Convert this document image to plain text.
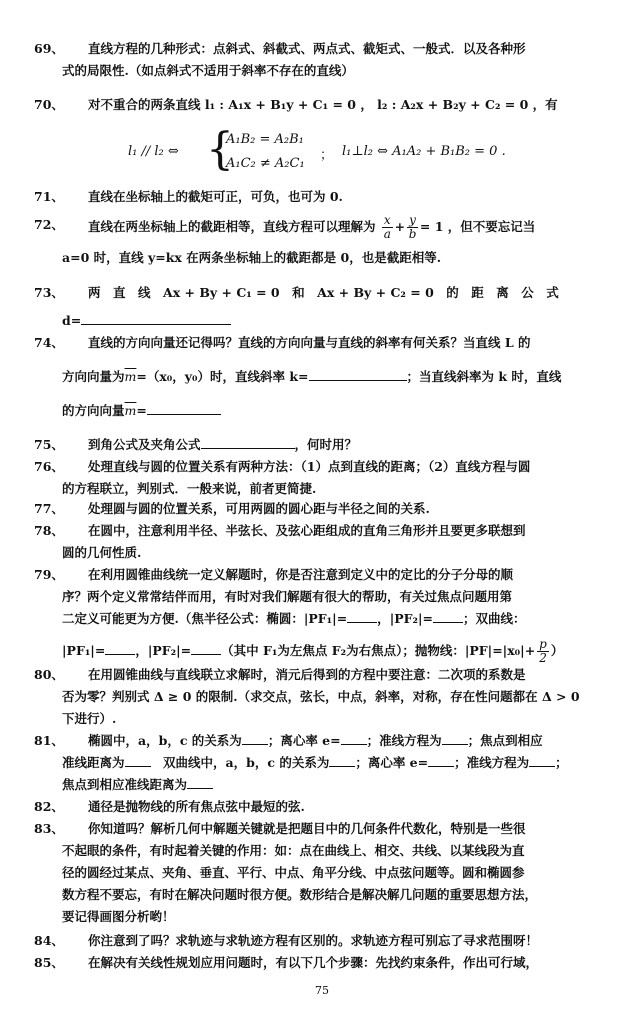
69、	直线方程的几种形式：点斜式、斜截式、两点式、截矩式、一般式．以及各种形
式的局限性.（如点斜式不适用于斜率不存在的直线）
70、	对不重合的两条直线 l₁ : A₁x + B₁y + C₁ = 0 ， l₂ : A₂x + B₂y + C₂ = 0 ，有
l₁ // l₂ ⇔ {
A₁B₂ = A₂B₁
A₁C₂ ≠ A₂C₁
； l₁⊥l₂ ⇔ A₁A₂ + B₁B₂ = 0 .
71、	直线在坐标轴上的截矩可正，可负，也可为 0.
72、	直线在两坐标轴上的截距相等，直线方程可以理解为 $\frac{x}{a} + \frac{y}{b} = 1$ ，但不要忘记当
a=0 时，直线 y=kx 在两条坐标轴上的截距都是 0，也是截距相等.
73、	两　直　线　Ax + By + C₁ = 0　和　Ax + By + C₂ = 0　的　距　离　公　式
d=
74、	直线的方向向量还记得吗？直线的方向向量与直线的斜率有何关系？当直线 L 的
方向向量为$\overline{m}=(x_0$，y₀）时，直线斜率 k=	；当直线斜率为 k 时，直线
的方向向量$\overline{m}=$
75、	到角公式及夹角公式	，何时用？
76、	处理直线与圆的位置关系有两种方法：（1）点到直线的距离；（2）直线方程与圆
的方程联立，判别式．一般来说，前者更简捷.
77、	处理圆与圆的位置关系，可用两圆的圆心距与半径之间的关系.
78、	在圆中，注意利用半径、半弦长、及弦心距组成的直角三角形并且要更多联想到
圆的几何性质.
79、	在利用圆锥曲线统一定义解题时，你是否注意到定义中的定比的分子分母的顺
序？两个定义常常结伴而用，有时对我们解题有很大的帮助，有关过焦点问题用第
二定义可能更为方便.（焦半径公式：椭圆：|PF₁|= ，|PF₂|= ；双曲线：
|PF₁|= ，|PF₂|= （其中 F₁为左焦点 F₂为右焦点）；抛物线：$|PF|=|x_0|+ \frac{p}{2}$ ）
80、	在用圆锥曲线与直线联立求解时，消元后得到的方程中要注意：二次项的系数是
否为零？判别式 Δ ≥ 0 的限制.（求交点，弦长，中点，斜率，对称，存在性问题都在 Δ > 0
下进行）.
81、	椭圆中，a，b，c 的关系为 ；离心率 e= ；准线方程为 ；焦点到相应
准线距离为　双曲线中，a，b，c 的关系为 ；离心率 e= ；准线方程为 ；
焦点到相应准线距离为
82、	通径是抛物线的所有焦点弦中最短的弦.
83、	你知道吗？解析几何中解题关键就是把题目中的几何条件代数化，特别是一些很
不起眼的条件，有时起着关键的作用：如：点在曲线上、相交、共线、以某线段为直
径的圆经过某点、夹角、垂直、平行、中点、角平分线、中点弦问题等。圆和椭圆参
数方程不要忘，有时在解决问题时很方便。数形结合是解决解几问题的重要思想方法，
要记得画图分析哟！
84、	你注意到了吗？求轨迹与求轨迹方程有区别的。求轨迹方程可别忘了寻求范围呀！
85、	在解决有关线性规划应用问题时，有以下几个步骤：先找约束条件，作出可行域，
75
